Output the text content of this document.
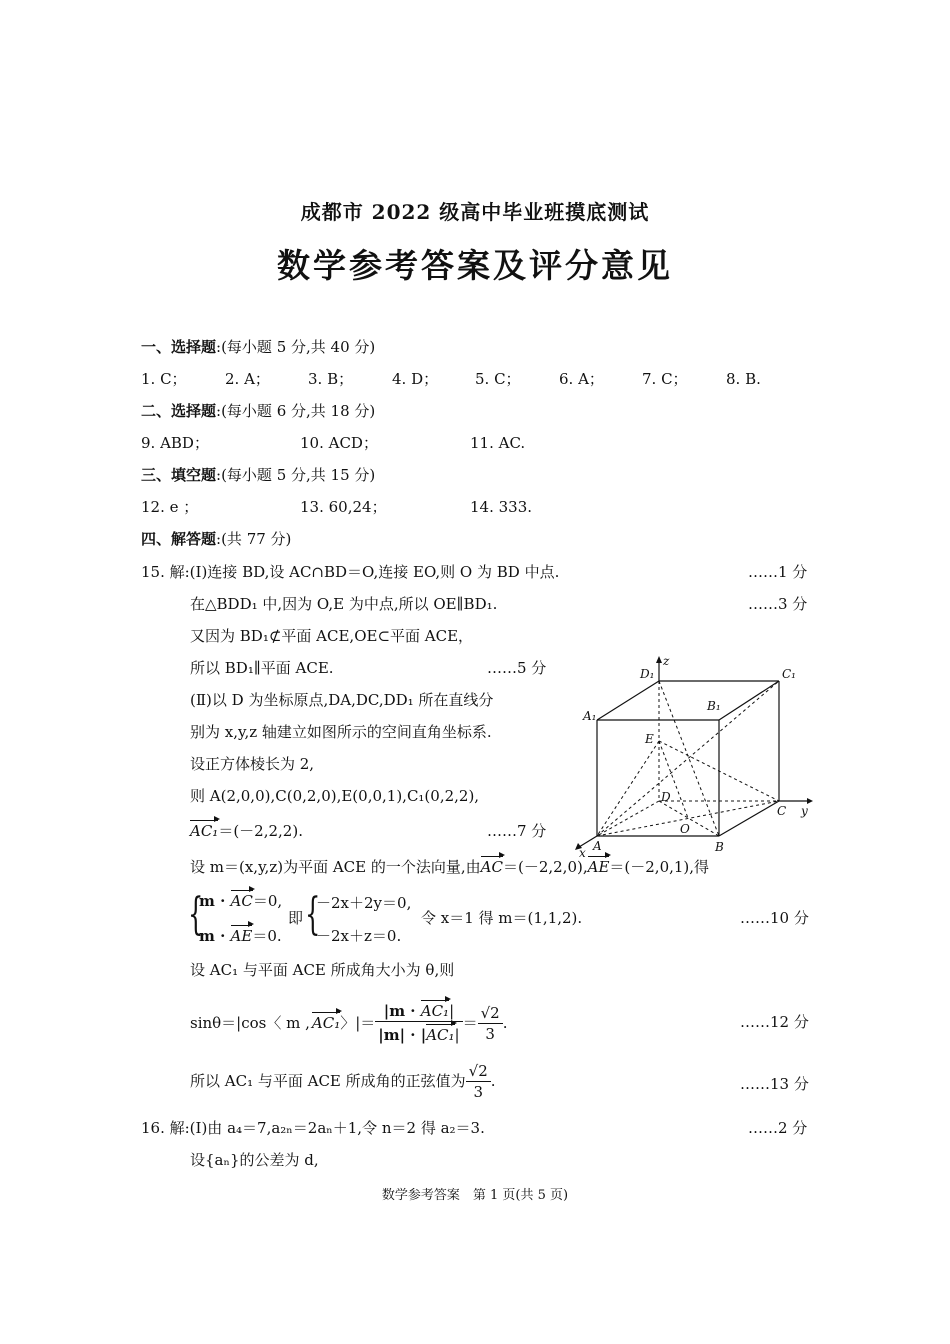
成都市 2022 级高中毕业班摸底测试
数学参考答案及评分意见
一、选择题:(每小题 5 分,共 40 分)
1. C；	2. A；	3. B；	4. D； 5. C；	6. A；	7. C；	8. B.
二、选择题:(每小题 6 分,共 18 分)
9. ABD；	10. ACD；	11. AC.
三、填空题:(每小题 5 分,共 15 分)
12. e ；	13. 60,24；	14. 333.
四、解答题:(共 77 分)
15. 解:(Ⅰ)连接 BD,设 AC∩BD＝O,连接 EO,则 O 为 BD 中点.	……1 分
在△BDD₁ 中,因为 O,E 为中点,所以 OE∥BD₁.	……3 分
又因为 BD₁⊄平面 ACE,OE⊂平面 ACE，
所以 BD₁∥平面 ACE.	……5 分
(Ⅱ)以 D 为坐标原点,DA,DC,DD₁ 所在直线分
别为 x,y,z 轴建立如图所示的空间直角坐标系.
设正方体棱长为 2,
则 A(2,0,0),C(0,2,0),E(0,0,1),C₁(0,2,2),
AC₁＝(－2,2,2).	……7 分
设 m＝(x,y,z)为平面 ACE 的一个法向量,由AC＝(－2,2,0),AE＝(－2,0,1),得
{
m · AC＝0,
m · AE＝0.
即 {
－2x＋2y＝0,
－2x＋z＝0.
令 x＝1 得 m＝(1,1,2).	……10 分
设 AC₁ 与平面 ACE 所成角大小为 θ,则
sinθ＝|cos〈 m , AC₁ 〉|＝ $\frac{\text{|m · AC₁|}}{\text{|m| · |AC₁|}} = \frac{√2}{3}$ .	……12 分
所以 AC₁ 与平面 ACE 所成角的正弦值为 $\frac{√2}{3}$ .	……13 分
16. 解:(Ⅰ)由 a₄＝7,a₂ₙ＝2aₙ＋1,令 n＝2 得 a₂＝3.	……2 分
设{aₙ}的公差为 d,
D₁	C₁
B₁
A₁
E
D
O
A	B
C
x
y
z
数学参考答案　第 1 页(共 5 页)
